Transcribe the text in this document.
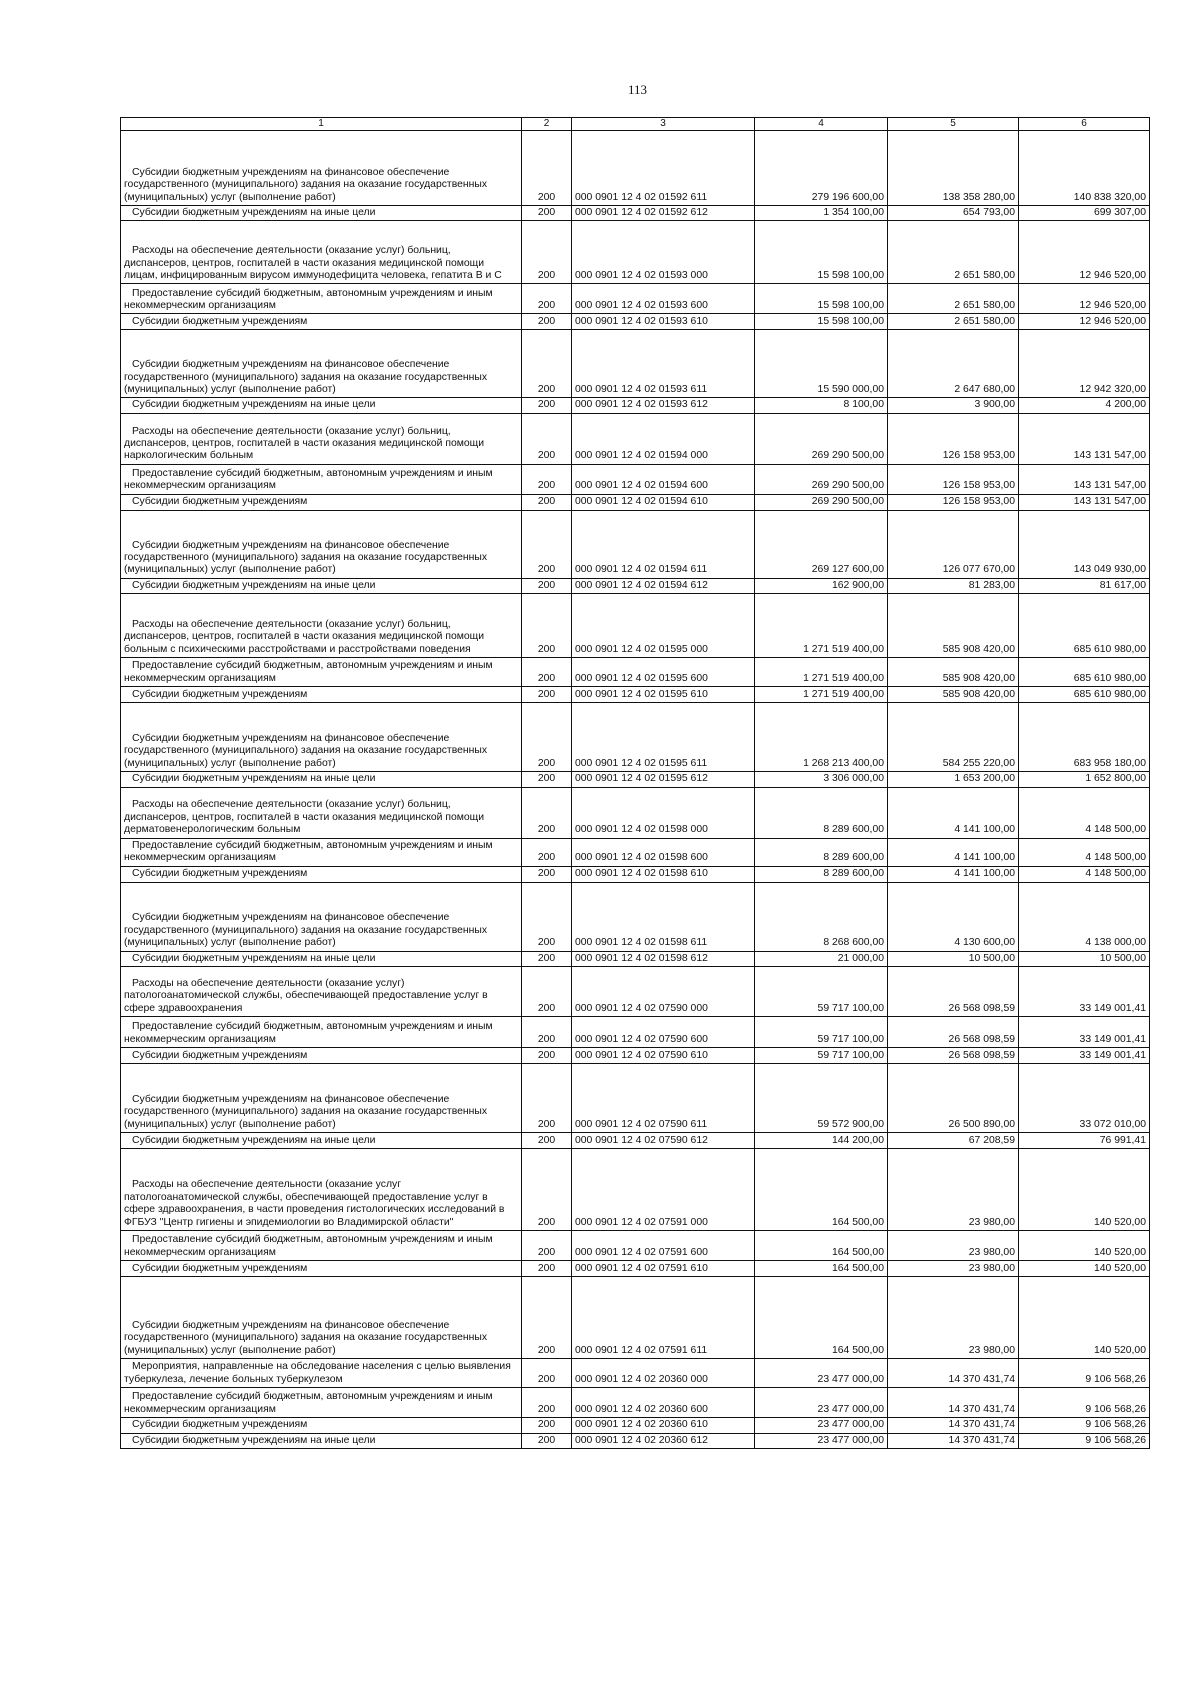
113
1	2	3	4	5	6

Субсидии бюджетным учреждениям на финансовое обеспечение государственного (муниципального) задания на оказание государственных (муниципальных) услуг (выполнение работ)	200	000 0901 12 4 02 01592 611	279 196 600,00	138 358 280,00	140 838 320,00

Субсидии бюджетным учреждениям на иные цели	200	000 0901 12 4 02 01592 612	1 354 100,00	654 793,00	699 307,00

Расходы на обеспечение деятельности (оказание услуг) больниц, диспансеров, центров, госпиталей в части оказания медицинской помощи лицам, инфицированным вирусом иммунодефицита человека, гепатита В и С	200	000 0901 12 4 02 01593 000	15 598 100,00	2 651 580,00	12 946 520,00

Предоставление субсидий бюджетным, автономным учреждениям и иным некоммерческим организациям	200	000 0901 12 4 02 01593 600	15 598 100,00	2 651 580,00	12 946 520,00

Субсидии бюджетным учреждениям	200	000 0901 12 4 02 01593 610	15 598 100,00	2 651 580,00	12 946 520,00

Субсидии бюджетным учреждениям на финансовое обеспечение государственного (муниципального) задания на оказание государственных (муниципальных) услуг (выполнение работ)	200	000 0901 12 4 02 01593 611	15 590 000,00	2 647 680,00	12 942 320,00

Субсидии бюджетным учреждениям на иные цели	200	000 0901 12 4 02 01593 612	8 100,00	3 900,00	4 200,00

Расходы на обеспечение деятельности (оказание услуг) больниц, диспансеров, центров, госпиталей в части оказания медицинской помощи наркологическим больным	200	000 0901 12 4 02 01594 000	269 290 500,00	126 158 953,00	143 131 547,00

Предоставление субсидий бюджетным, автономным учреждениям и иным некоммерческим организациям	200	000 0901 12 4 02 01594 600	269 290 500,00	126 158 953,00	143 131 547,00

Субсидии бюджетным учреждениям	200	000 0901 12 4 02 01594 610	269 290 500,00	126 158 953,00	143 131 547,00

Субсидии бюджетным учреждениям на финансовое обеспечение государственного (муниципального) задания на оказание государственных (муниципальных) услуг (выполнение работ)	200	000 0901 12 4 02 01594 611	269 127 600,00	126 077 670,00	143 049 930,00

Субсидии бюджетным учреждениям на иные цели	200	000 0901 12 4 02 01594 612	162 900,00	81 283,00	81 617,00

Расходы на обеспечение деятельности (оказание услуг) больниц, диспансеров, центров, госпиталей в части оказания медицинской помощи больным с психическими расстройствами и расстройствами поведения	200	000 0901 12 4 02 01595 000	1 271 519 400,00	585 908 420,00	685 610 980,00

Предоставление субсидий бюджетным, автономным учреждениям и иным некоммерческим организациям	200	000 0901 12 4 02 01595 600	1 271 519 400,00	585 908 420,00	685 610 980,00

Субсидии бюджетным учреждениям	200	000 0901 12 4 02 01595 610	1 271 519 400,00	585 908 420,00	685 610 980,00

Субсидии бюджетным учреждениям на финансовое обеспечение государственного (муниципального) задания на оказание государственных (муниципальных) услуг (выполнение работ)	200	000 0901 12 4 02 01595 611	1 268 213 400,00	584 255 220,00	683 958 180,00

Субсидии бюджетным учреждениям на иные цели	200	000 0901 12 4 02 01595 612	3 306 000,00	1 653 200,00	1 652 800,00

Расходы на обеспечение деятельности (оказание услуг) больниц, диспансеров, центров, госпиталей в части оказания медицинской помощи дерматовенерологическим больным	200	000 0901 12 4 02 01598 000	8 289 600,00	4 141 100,00	4 148 500,00

Предоставление субсидий бюджетным, автономным учреждениям и иным некоммерческим организациям	200	000 0901 12 4 02 01598 600	8 289 600,00	4 141 100,00	4 148 500,00

Субсидии бюджетным учреждениям	200	000 0901 12 4 02 01598 610	8 289 600,00	4 141 100,00	4 148 500,00

Субсидии бюджетным учреждениям на финансовое обеспечение государственного (муниципального) задания на оказание государственных (муниципальных) услуг (выполнение работ)	200	000 0901 12 4 02 01598 611	8 268 600,00	4 130 600,00	4 138 000,00

Субсидии бюджетным учреждениям на иные цели	200	000 0901 12 4 02 01598 612	21 000,00	10 500,00	10 500,00

Расходы на обеспечение деятельности (оказание услуг) патологоанатомической службы, обеспечивающей предоставление услуг в сфере здравоохранения	200	000 0901 12 4 02 07590 000	59 717 100,00	26 568 098,59	33 149 001,41

Предоставление субсидий бюджетным, автономным учреждениям и иным некоммерческим организациям	200	000 0901 12 4 02 07590 600	59 717 100,00	26 568 098,59	33 149 001,41

Субсидии бюджетным учреждениям	200	000 0901 12 4 02 07590 610	59 717 100,00	26 568 098,59	33 149 001,41

Субсидии бюджетным учреждениям на финансовое обеспечение государственного (муниципального) задания на оказание государственных (муниципальных) услуг (выполнение работ)	200	000 0901 12 4 02 07590 611	59 572 900,00	26 500 890,00	33 072 010,00

Субсидии бюджетным учреждениям на иные цели	200	000 0901 12 4 02 07590 612	144 200,00	67 208,59	76 991,41

Расходы на обеспечение деятельности (оказание услуг патологоанатомической службы, обеспечивающей предоставление услуг в сфере здравоохранения, в части проведения гистологических исследований в ФГБУЗ "Центр гигиены и эпидемиологии во Владимирской области"	200	000 0901 12 4 02 07591 000	164 500,00	23 980,00	140 520,00

Предоставление субсидий бюджетным, автономным учреждениям и иным некоммерческим организациям	200	000 0901 12 4 02 07591 600	164 500,00	23 980,00	140 520,00

Субсидии бюджетным учреждениям	200	000 0901 12 4 02 07591 610	164 500,00	23 980,00	140 520,00

Субсидии бюджетным учреждениям на финансовое обеспечение государственного (муниципального) задания на оказание государственных (муниципальных) услуг (выполнение работ)	200	000 0901 12 4 02 07591 611	164 500,00	23 980,00	140 520,00

Мероприятия, направленные на обследование населения с целью выявления туберкулеза, лечение больных туберкулезом	200	000 0901 12 4 02 20360 000	23 477 000,00	14 370 431,74	9 106 568,26

Предоставление субсидий бюджетным, автономным учреждениям и иным некоммерческим организациям	200	000 0901 12 4 02 20360 600	23 477 000,00	14 370 431,74	9 106 568,26

Субсидии бюджетным учреждениям	200	000 0901 12 4 02 20360 610	23 477 000,00	14 370 431,74	9 106 568,26

Субсидии бюджетным учреждениям на иные цели	200	000 0901 12 4 02 20360 612	23 477 000,00	14 370 431,74	9 106 568,26
